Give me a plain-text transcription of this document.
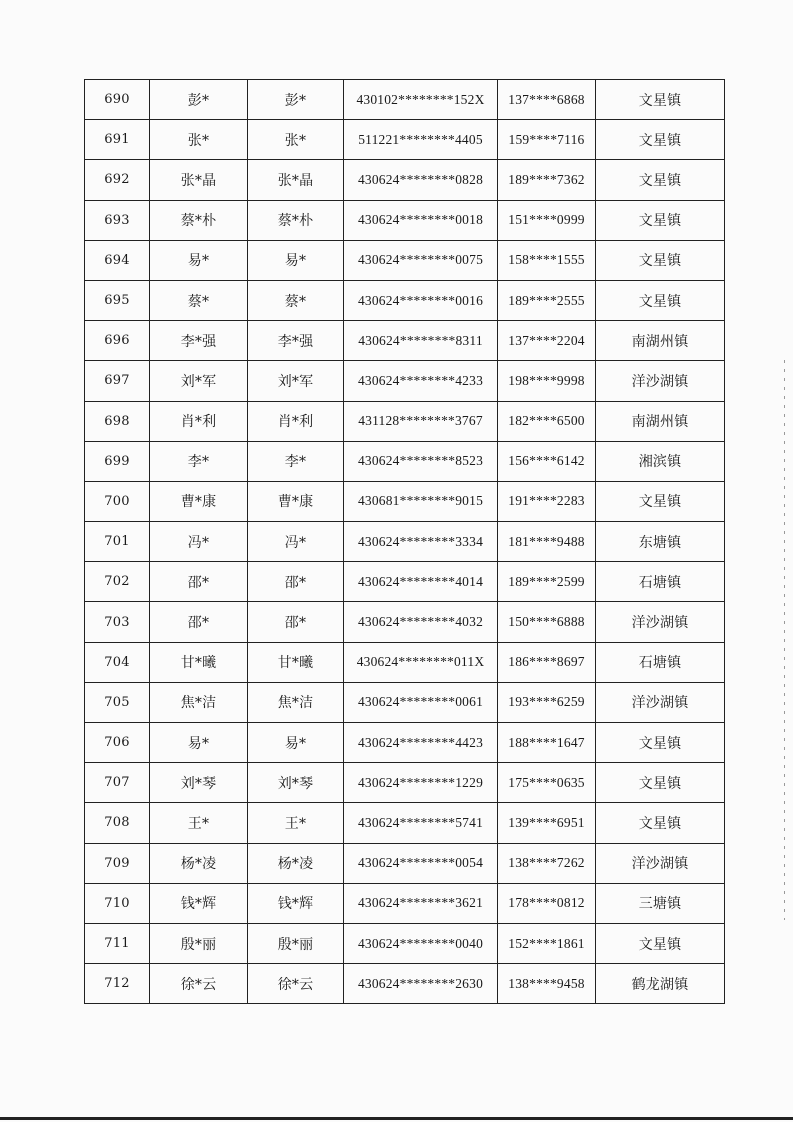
690	彭*	彭*	430102********152X	137****6868	文星镇
691	张*	张*	511221********4405	159****7116	文星镇
692	张*晶	张*晶	430624********0828	189****7362	文星镇
693	蔡*朴	蔡*朴	430624********0018	151****0999	文星镇
694	易*	易*	430624********0075	158****1555	文星镇
695	蔡*	蔡*	430624********0016	189****2555	文星镇
696	李*强	李*强	430624********8311	137****2204	南湖州镇
697	刘*军	刘*军	430624********4233	198****9998	洋沙湖镇
698	肖*利	肖*利	431128********3767	182****6500	南湖州镇
699	李*	李*	430624********8523	156****6142	湘滨镇
700	曹*康	曹*康	430681********9015	191****2283	文星镇
701	冯*	冯*	430624********3334	181****9488	东塘镇
702	邵*	邵*	430624********4014	189****2599	石塘镇
703	邵*	邵*	430624********4032	150****6888	洋沙湖镇
704	甘*曦	甘*曦	430624********011X	186****8697	石塘镇
705	焦*洁	焦*洁	430624********0061	193****6259	洋沙湖镇
706	易*	易*	430624********4423	188****1647	文星镇
707	刘*琴	刘*琴	430624********1229	175****0635	文星镇
708	王*	王*	430624********5741	139****6951	文星镇
709	杨*凌	杨*凌	430624********0054	138****7262	洋沙湖镇
710	钱*辉	钱*辉	430624********3621	178****0812	三塘镇
711	殷*丽	殷*丽	430624********0040	152****1861	文星镇
712	徐*云	徐*云	430624********2630	138****9458	鹤龙湖镇
